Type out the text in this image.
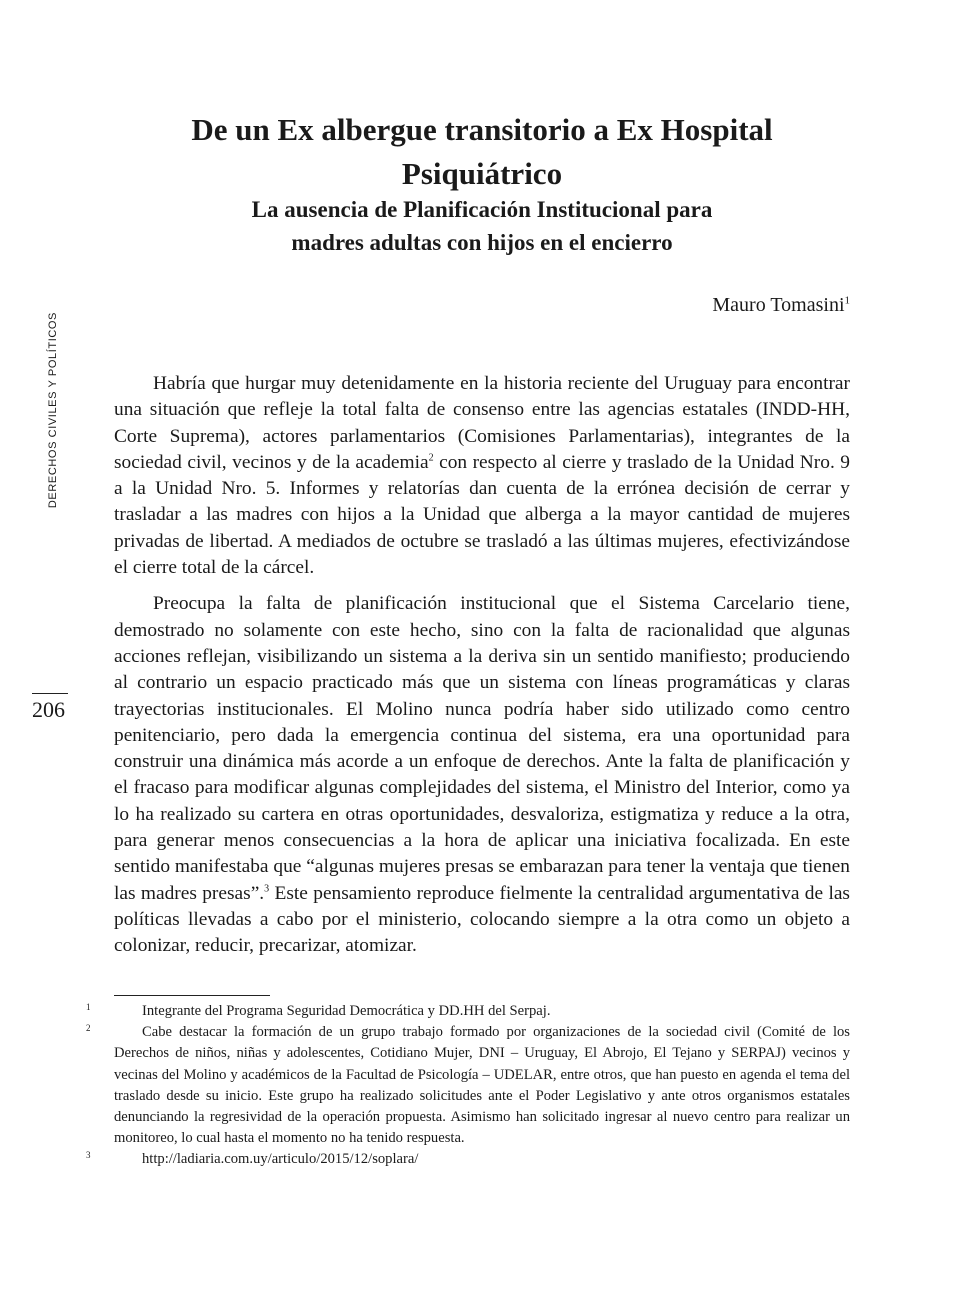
DERECHOS CIVILES Y POLÍTICOS
206
De un Ex albergue transitorio a Ex Hospital Psiquiátrico
La ausencia de Planificación Institucional para
madres adultas con hijos en el encierro
Mauro Tomasini$^1$

Habría que hurgar muy detenidamente en la historia reciente del Uruguay para encontrar una situación que refleje la total falta de consenso entre las agencias estatales (INDD-HH, Corte Suprema), actores parlamentarios (Comisiones Parlamentarias), integrantes de la sociedad civil, vecinos y de la academia$^2$ con respecto al cierre y traslado de la Unidad Nro. 9 a la Unidad Nro. 5. Informes y relatorías dan cuenta de la errónea decisión de cerrar y trasladar a las madres con hijos a la Unidad que alberga a la mayor cantidad de mujeres privadas de libertad. A mediados de octubre se trasladó a las últimas mujeres, efectivizándose el cierre total de la cárcel.

Preocupa la falta de planificación institucional que el Sistema Carcelario tiene, demostrado no solamente con este hecho, sino con la falta de racionalidad que algunas acciones reflejan, visibilizando un sistema a la deriva sin un sentido manifiesto; produciendo al contrario un espacio practicado más que un sistema con líneas programáticas y claras trayectorias institucionales. El Molino nunca podría haber sido utilizado como centro penitenciario, pero dada la emergencia continua del sistema, era una oportunidad para construir una dinámica más acorde a un enfoque de derechos. Ante la falta de planificación y el fracaso para modificar algunas complejidades del sistema, el Ministro del Interior, como ya lo ha realizado su cartera en otras oportunidades, desvaloriza, estigmatiza y reduce a la otra, para generar menos consecuencias a la hora de aplicar una iniciativa focalizada. En este sentido manifestaba que “algunas mujeres presas se embarazan para tener la ventaja que tienen las madres presas”.$^3$ Este pensamiento reproduce fielmente la centralidad argumentativa de las políticas llevadas a cabo por el ministerio, colocando siempre a la otra como un objeto a colonizar, reducir, precarizar, atomizar.

1	Integrante del Programa Seguridad Democrática y DD.HH del Serpaj.

2	Cabe destacar la formación de un grupo trabajo formado por organizaciones de la sociedad civil (Comité de los Derechos de niños, niñas y adolescentes, Cotidiano Mujer, DNI – Uruguay, El Abrojo, El Tejano y SERPAJ) vecinos y vecinas del Molino y académicos de la Facultad de Psicología – UDELAR, entre otros, que han puesto en agenda el tema del traslado desde su inicio. Este grupo ha realizado solicitudes ante el Poder Legislativo y ante otros organismos estatales denunciando la regresividad de la operación propuesta. Asimismo han solicitado ingresar al nuevo centro para realizar un monitoreo, lo cual hasta el momento no ha tenido respuesta.

3	http://ladiaria.com.uy/articulo/2015/12/soplara/
